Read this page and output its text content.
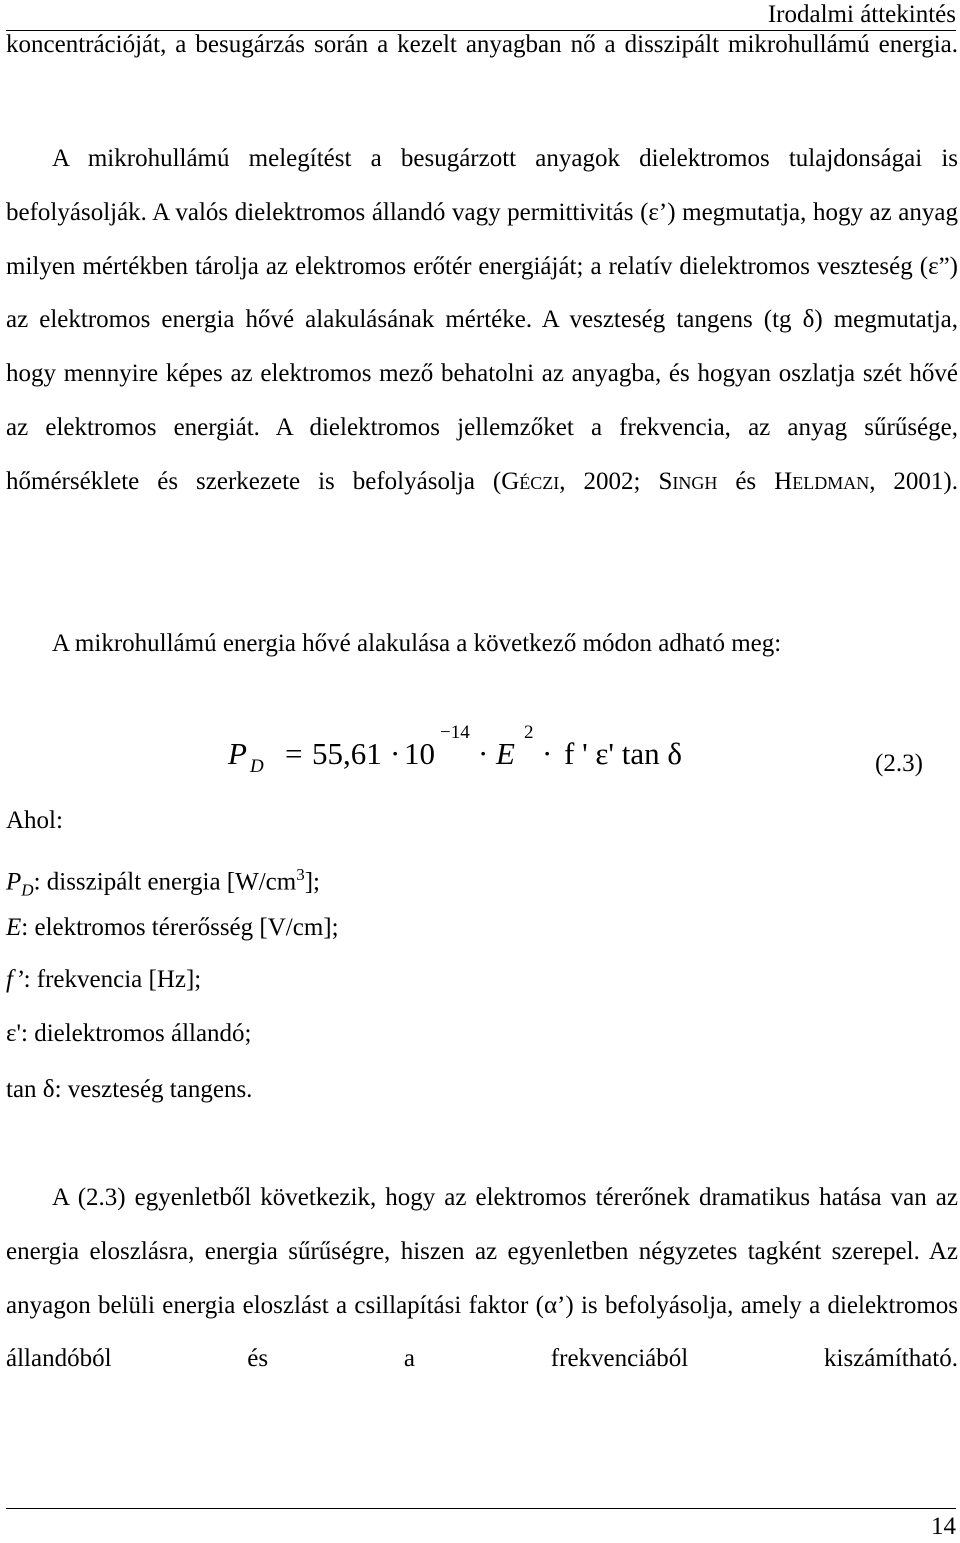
Irodalmi áttekintés

koncentrációját, a besugárzás során a kezelt anyagban nő a disszipált mikrohullámú energia.

A mikrohullámú melegítést a besugárzott anyagok dielektromos tulajdonságai is befolyásolják. A valós dielektromos állandó vagy permittivitás (ε’) megmutatja, hogy az anyag milyen mértékben tárolja az elektromos erőtér energiáját; a relatív dielektromos veszteség (ε”) az elektromos energia hővé alakulásának mértéke. A veszteség tangens (tg δ) megmutatja, hogy mennyire képes az elektromos mező behatolni az anyagba, és hogyan oszlatja szét hővé az elektromos energiát. A dielektromos jellemzőket a frekvencia, az anyag sűrűsége, hőmérséklete és szerkezete is befolyásolja (GÉCZI, 2002; SINGH és HELDMAN, 2001).

A mikrohullámú energia hővé alakulása a következő módon adható meg:

P D = 55,61 · 10
−14
· E
2
· f ' ε' tan δ	(2.3)
Ahol:
$P_D$: disszipált energia $[W/cm^3]$;
E: elektromos térerősség [V/cm];
f’: frekvencia [Hz];
ε': dielektromos állandó;
tan δ: veszteség tangens.

A (2.3) egyenletből következik, hogy az elektromos térerőnek dramatikus hatása van az energia eloszlásra, energia sűrűségre, hiszen az egyenletben négyzetes tagként szerepel. Az anyagon belüli energia eloszlást a csillapítási faktor (α’) is befolyásolja, amely a dielektromos állandóból és a frekvenciából kiszámítható.

14
